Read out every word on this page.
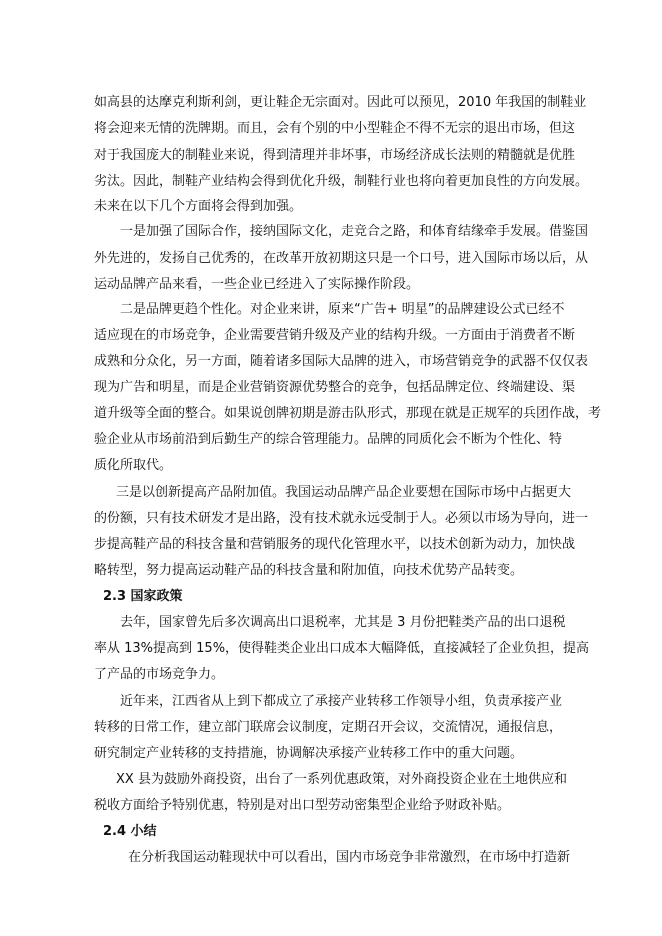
如高县的达摩克利斯利剑，更让鞋企无宗面对。因此可以预见，2010 年我国的制鞋业
将会迎来无情的洗牌期。而且，会有个别的中小型鞋企不得不无宗的退出市场，但这
对于我国庞大的制鞋业来说，得到清理并非坏事，市场经济成长法则的精髓就是优胜
劣汰。因此，制鞋产业结构会得到优化升级，制鞋行业也将向着更加良性的方向发展。
未来在以下几个方面将会得到加强。
一是加强了国际合作，接纳国际文化，走竞合之路，和体育结缘牵手发展。借鉴国
外先进的，发扬自己优秀的，在改革开放初期这只是一个口号，进入国际市场以后，从
运动品牌产品来看，一些企业已经进入了实际操作阶段。
二是品牌更趋个性化。对企业来讲，原来“广告+ 明星”的品牌建设公式已经不
适应现在的市场竞争，企业需要营销升级及产业的结构升级。一方面由于消费者不断
成熟和分众化，另一方面，随着诸多国际大品牌的进入，市场营销竞争的武器不仅仅表
现为广告和明星，而是企业营销资源优势整合的竞争，包括品牌定位、终端建设、渠
道升级等全面的整合。如果说创牌初期是游击队形式，那现在就是正规军的兵团作战，考
验企业从市场前沿到后勤生产的综合管理能力。品牌的同质化会不断为个性化、特
质化所取代。
三是以创新提高产品附加值。我国运动品牌产品企业要想在国际市场中占据更大
的份额，只有技术研发才是出路，没有技术就永远受制于人。必须以市场为导向，进一
步提高鞋产品的科技含量和营销服务的现代化管理水平，以技术创新为动力，加快战
略转型，努力提高运动鞋产品的科技含量和附加值，向技术优势产品转变。
2.3 国家政策
去年，国家曾先后多次调高出口退税率，尤其是 3 月份把鞋类产品的出口退税
率从 13%提高到 15%，使得鞋类企业出口成本大幅降低，直接减轻了企业负担，提高
了产品的市场竞争力。
近年来，江西省从上到下都成立了承接产业转移工作领导小组，负责承接产业
转移的日常工作，建立部门联席会议制度，定期召开会议，交流情况，通报信息，
研究制定产业转移的支持措施，协调解决承接产业转移工作中的重大问题。
XX 县为鼓励外商投资，出台了一系列优惠政策，对外商投资企业在土地供应和
税收方面给予特别优惠，特别是对出口型劳动密集型企业给予财政补贴。
2.4 小结
在分析我国运动鞋现状中可以看出，国内市场竞争非常激烈，在市场中打造新
